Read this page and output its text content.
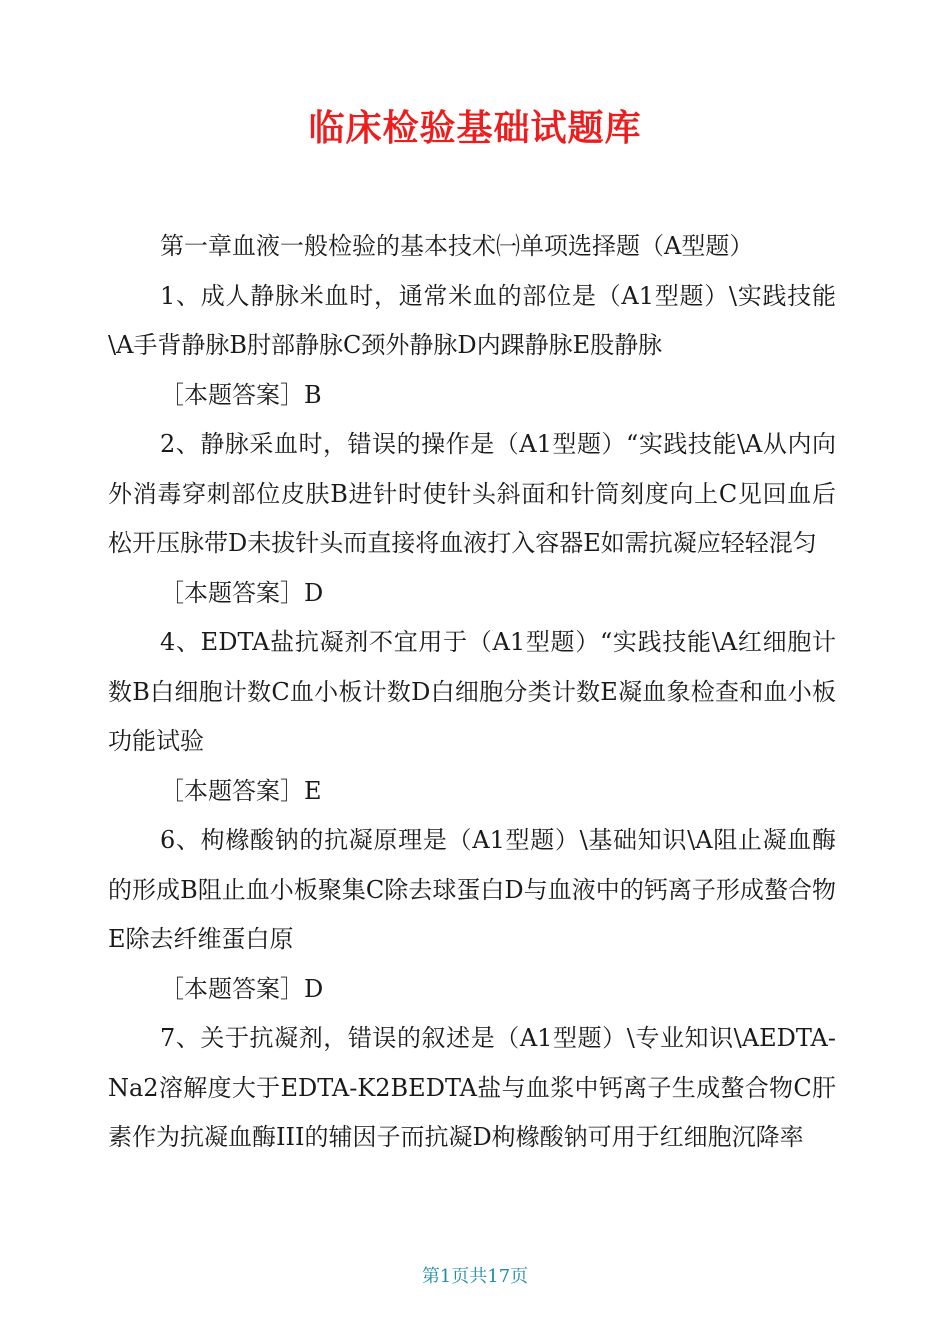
临床检验基础试题库

第一章血液一般检验的基本技术㈠单项选择题（A型题）

1、成人静脉米血时，通常米血的部位是（A1型题）\实践技能\A手背静脉B肘部静脉C颈外静脉D内踝静脉E股静脉

［本题答案］B

2、静脉采血时，错误的操作是（A1型题）“实践技能\A从内向外消毒穿刺部位皮肤B进针时使针头斜面和针筒刻度向上C见回血后松开压脉带D未拔针头而直接将血液打入容器E如需抗凝应轻轻混匀

［本题答案］D

4、EDTA盐抗凝剂不宜用于（A1型题）“实践技能\A红细胞计数B白细胞计数C血小板计数D白细胞分类计数E凝血象检查和血小板功能试验

［本题答案］E

6、枸橼酸钠的抗凝原理是（A1型题）\基础知识\A阻止凝血酶的形成B阻止血小板聚集C除去球蛋白D与血液中的钙离子形成螯合物E除去纤维蛋白原

［本题答案］D

7、关于抗凝剂，错误的叙述是（A1型题）\专业知识\AEDTA-Na2溶解度大于EDTA-K2BEDTA盐与血浆中钙离子生成螯合物C肝素作为抗凝血酶III的辅因子而抗凝D枸橼酸钠可用于红细胞沉降率

第1页共17页
